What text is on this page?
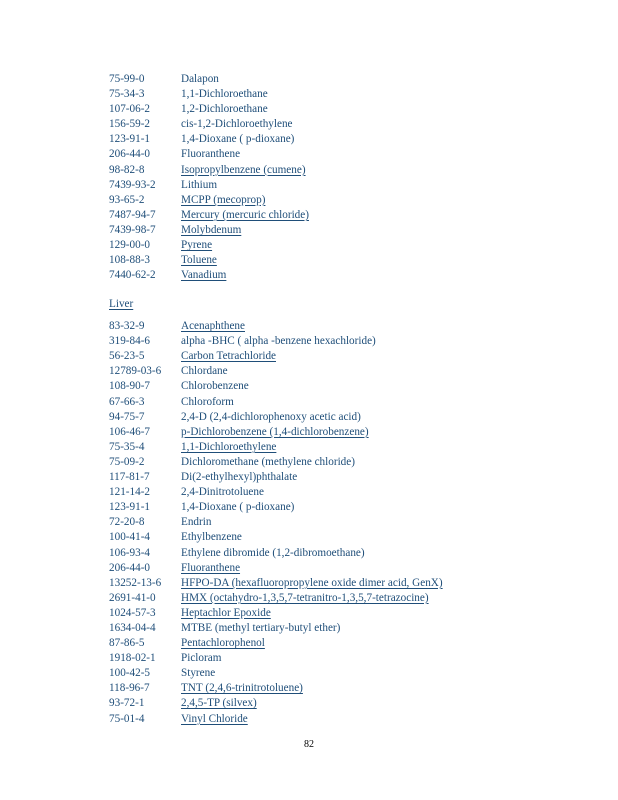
75-99-0	Dalapon
75-34-3	1,1-Dichloroethane
107-06-2	1,2-Dichloroethane
156-59-2	cis-1,2-Dichloroethylene
123-91-1	1,4-Dioxane ( p-dioxane)
206-44-0	Fluoranthene
98-82-8	Isopropylbenzene (cumene)
7439-93-2 Lithium
93-65-2	MCPP (mecoprop)
7487-94-7 Mercury (mercuric chloride)
7439-98-7 Molybdenum
129-00-0	Pyrene
108-88-3	Toluene
7440-62-2 Vanadium
Liver
83-32-9	Acenaphthene
319-84-6	alpha -BHC ( alpha -benzene hexachloride)
56-23-5	Carbon Tetrachloride
12789-03-6 Chlordane
108-90-7	Chlorobenzene
67-66-3	Chloroform
94-75-7	2,4-D (2,4-dichlorophenoxy acetic acid)
106-46-7	p-Dichlorobenzene (1,4-dichlorobenzene)
75-35-4	1,1-Dichloroethylene
75-09-2	Dichloromethane (methylene chloride)
117-81-7	Di(2-ethylhexyl)phthalate
121-14-2	2,4-Dinitrotoluene
123-91-1	1,4-Dioxane ( p-dioxane)
72-20-8	Endrin
100-41-4	Ethylbenzene
106-93-4	Ethylene dibromide (1,2-dibromoethane)
206-44-0	Fluoranthene
13252-13-6 HFPO-DA (hexafluoropropylene oxide dimer acid, GenX)
2691-41-0 HMX (octahydro-1,3,5,7-tetranitro-1,3,5,7-tetrazocine)
1024-57-3 Heptachlor Epoxide
1634-04-4 MTBE (methyl tertiary-butyl ether)
87-86-5	Pentachlorophenol
1918-02-1 Picloram
100-42-5	Styrene
118-96-7	TNT (2,4,6-trinitrotoluene)
93-72-1	2,4,5-TP (silvex)
75-01-4	Vinyl Chloride
82
